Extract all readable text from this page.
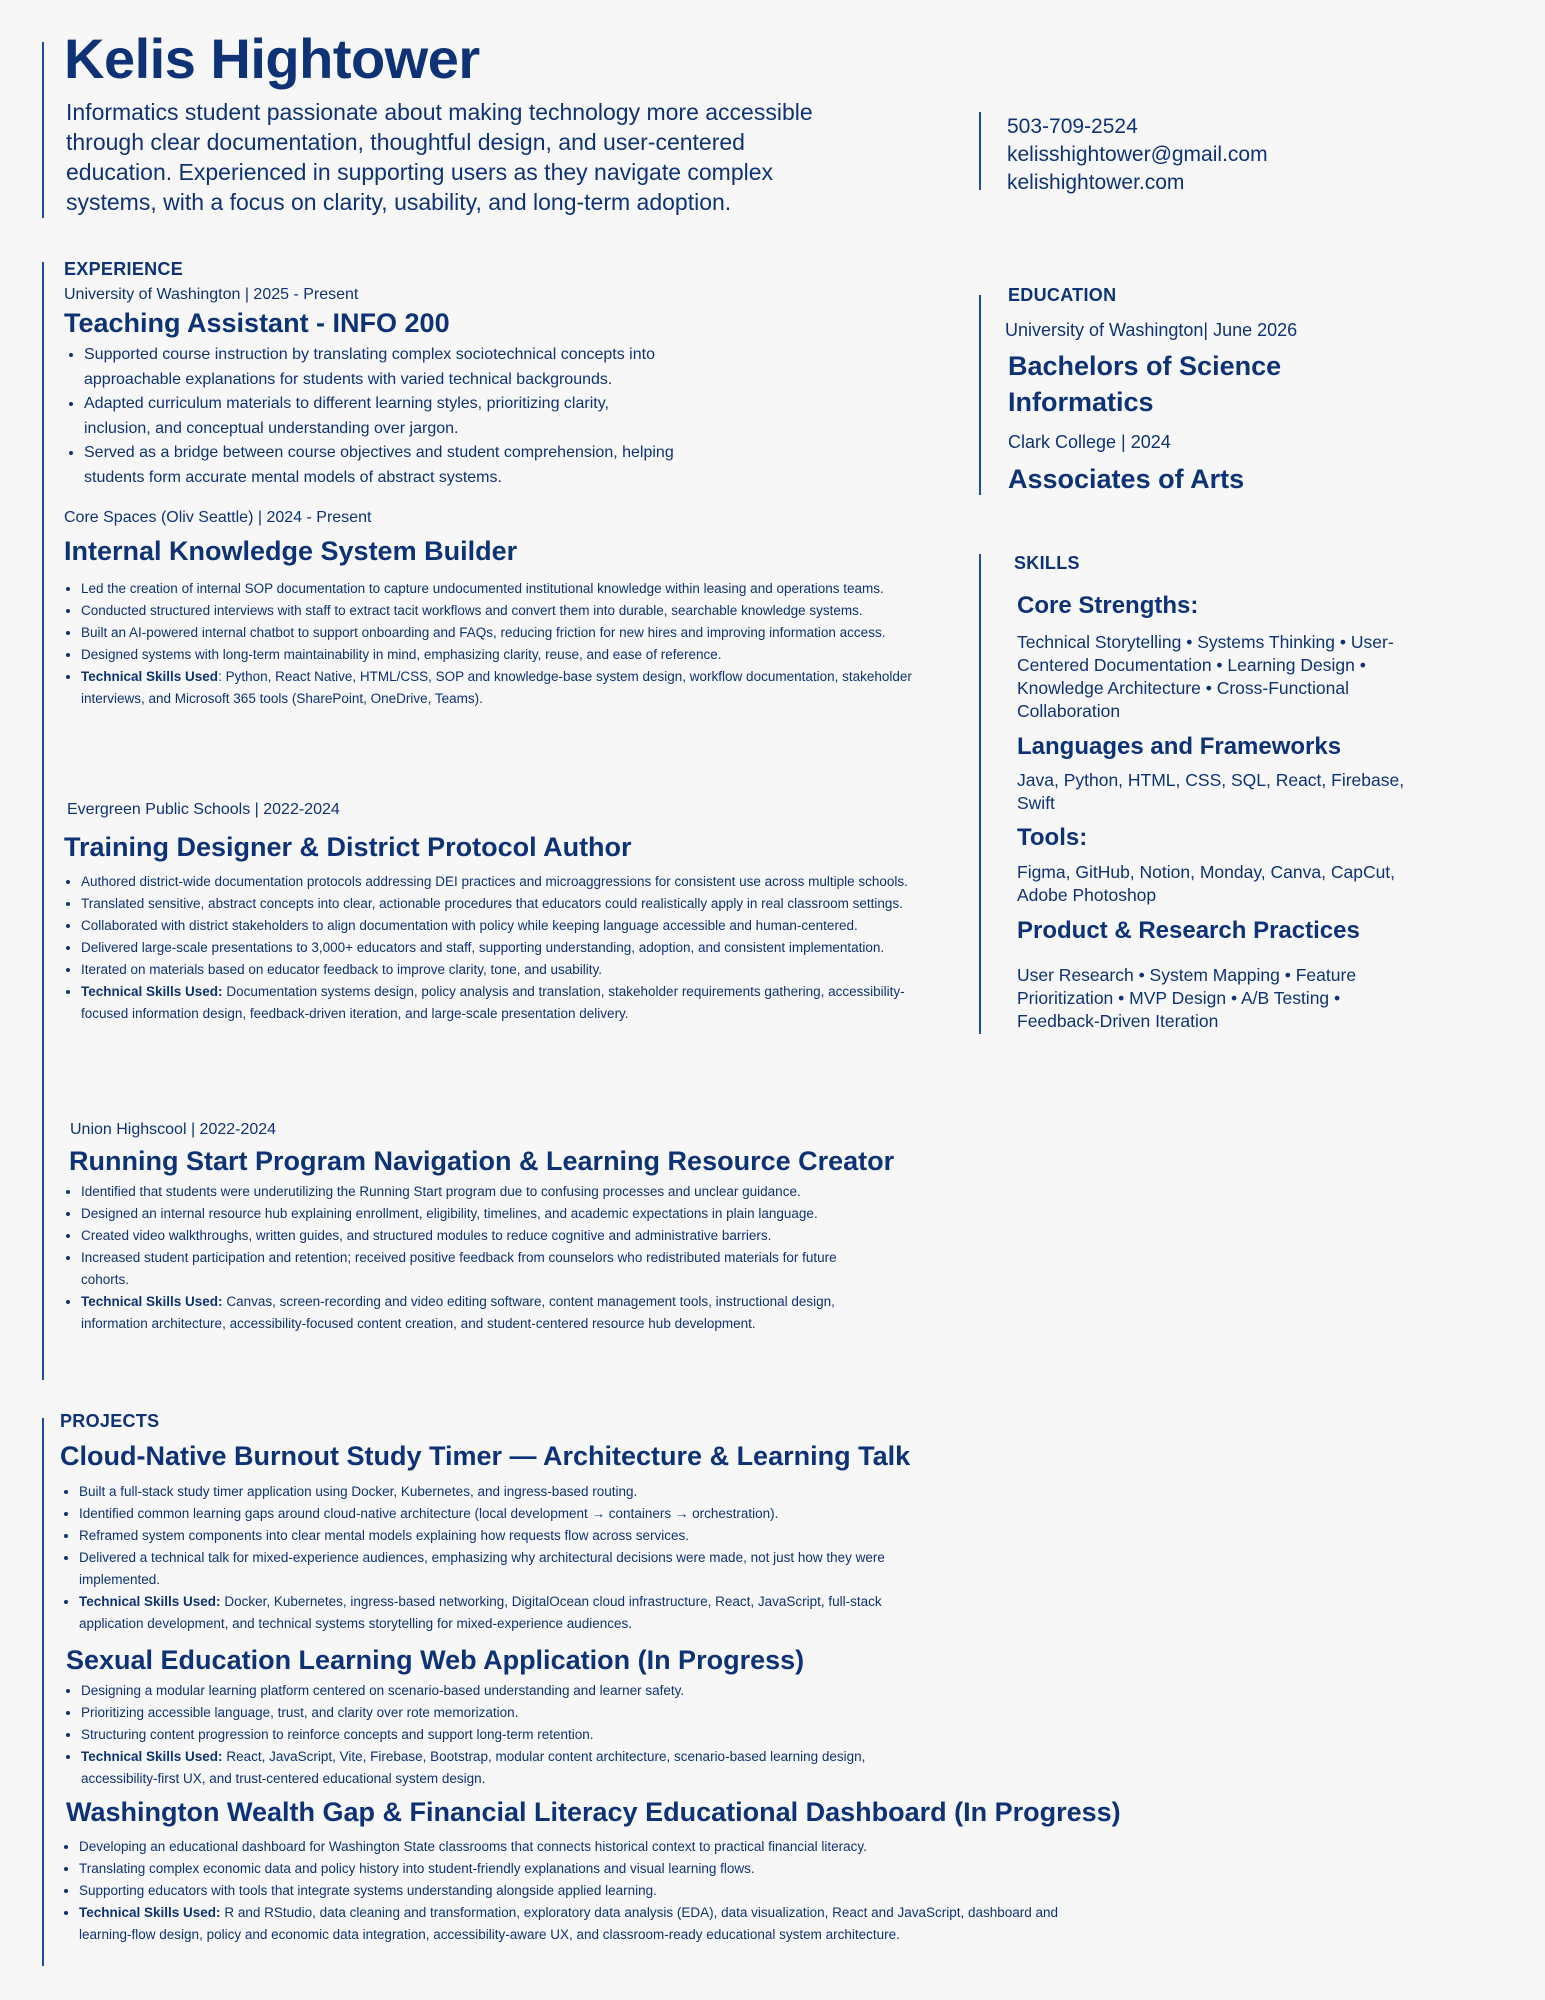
Kelis Hightower
Informatics student passionate about making technology more accessible through clear documentation, thoughtful design, and user-centered education. Experienced in supporting users as they navigate complex systems, with a focus on clarity, usability, and long-term adoption.
503-709-2524
kelisshightower@gmail.com
kelishightower.com
EXPERIENCE
University of Washington | 2025 - Present
Teaching Assistant - INFO 200
• Supported course instruction by translating complex sociotechnical concepts into approachable explanations for students with varied technical backgrounds.
• Adapted curriculum materials to different learning styles, prioritizing clarity, inclusion, and conceptual understanding over jargon.
• Served as a bridge between course objectives and student comprehension, helping students form accurate mental models of abstract systems.
Core Spaces (Oliv Seattle) | 2024 - Present
Internal Knowledge System Builder
• Led the creation of internal SOP documentation to capture undocumented institutional knowledge within leasing and operations teams.
• Conducted structured interviews with staff to extract tacit workflows and convert them into durable, searchable knowledge systems.
• Built an AI-powered internal chatbot to support onboarding and FAQs, reducing friction for new hires and improving information access.
• Designed systems with long-term maintainability in mind, emphasizing clarity, reuse, and ease of reference.
• Technical Skills Used: Python, React Native, HTML/CSS, SOP and knowledge-base system design, workflow documentation, stakeholder interviews, and Microsoft 365 tools (SharePoint, OneDrive, Teams).
Evergreen Public Schools | 2022-2024
Training Designer & District Protocol Author
• Authored district-wide documentation protocols addressing DEI practices and microaggressions for consistent use across multiple schools.
• Translated sensitive, abstract concepts into clear, actionable procedures that educators could realistically apply in real classroom settings.
• Collaborated with district stakeholders to align documentation with policy while keeping language accessible and human-centered.
• Delivered large-scale presentations to 3,000+ educators and staff, supporting understanding, adoption, and consistent implementation.
• Iterated on materials based on educator feedback to improve clarity, tone, and usability.
• Technical Skills Used: Documentation systems design, policy analysis and translation, stakeholder requirements gathering, accessibility-focused information design, feedback-driven iteration, and large-scale presentation delivery.
Union Highscool | 2022-2024
Running Start Program Navigation & Learning Resource Creator
• Identified that students were underutilizing the Running Start program due to confusing processes and unclear guidance.
• Designed an internal resource hub explaining enrollment, eligibility, timelines, and academic expectations in plain language.
• Created video walkthroughs, written guides, and structured modules to reduce cognitive and administrative barriers.
• Increased student participation and retention; received positive feedback from counselors who redistributed materials for future cohorts.
• Technical Skills Used: Canvas, screen-recording and video editing software, content management tools, instructional design, information architecture, accessibility-focused content creation, and student-centered resource hub development.
PROJECTS
Cloud-Native Burnout Study Timer — Architecture & Learning Talk
• Built a full-stack study timer application using Docker, Kubernetes, and ingress-based routing.
• Identified common learning gaps around cloud-native architecture (local development → containers → orchestration).
• Reframed system components into clear mental models explaining how requests flow across services.
• Delivered a technical talk for mixed-experience audiences, emphasizing why architectural decisions were made, not just how they were implemented.
• Technical Skills Used: Docker, Kubernetes, ingress-based networking, DigitalOcean cloud infrastructure, React, JavaScript, full-stack application development, and technical systems storytelling for mixed-experience audiences.
Sexual Education Learning Web Application (In Progress)
• Designing a modular learning platform centered on scenario-based understanding and learner safety.
• Prioritizing accessible language, trust, and clarity over rote memorization.
• Structuring content progression to reinforce concepts and support long-term retention.
• Technical Skills Used: React, JavaScript, Vite, Firebase, Bootstrap, modular content architecture, scenario-based learning design, accessibility-first UX, and trust-centered educational system design.
Washington Wealth Gap & Financial Literacy Educational Dashboard (In Progress)
• Developing an educational dashboard for Washington State classrooms that connects historical context to practical financial literacy.
• Translating complex economic data and policy history into student-friendly explanations and visual learning flows.
• Supporting educators with tools that integrate systems understanding alongside applied learning.
• Technical Skills Used: R and RStudio, data cleaning and transformation, exploratory data analysis (EDA), data visualization, React and JavaScript, dashboard and learning-flow design, policy and economic data integration, accessibility-aware UX, and classroom-ready educational system architecture.
EDUCATION
University of Washington| June 2026
Bachelors of Science Informatics
Clark College | 2024
Associates of Arts
SKILLS
Core Strengths:
Technical Storytelling • Systems Thinking • User-Centered Documentation • Learning Design • Knowledge Architecture • Cross-Functional Collaboration
Languages and Frameworks
Java, Python, HTML, CSS, SQL, React, Firebase, Swift
Tools:
Figma, GitHub, Notion, Monday, Canva, CapCut, Adobe Photoshop
Product & Research Practices
User Research • System Mapping • Feature Prioritization • MVP Design • A/B Testing • Feedback-Driven Iteration
